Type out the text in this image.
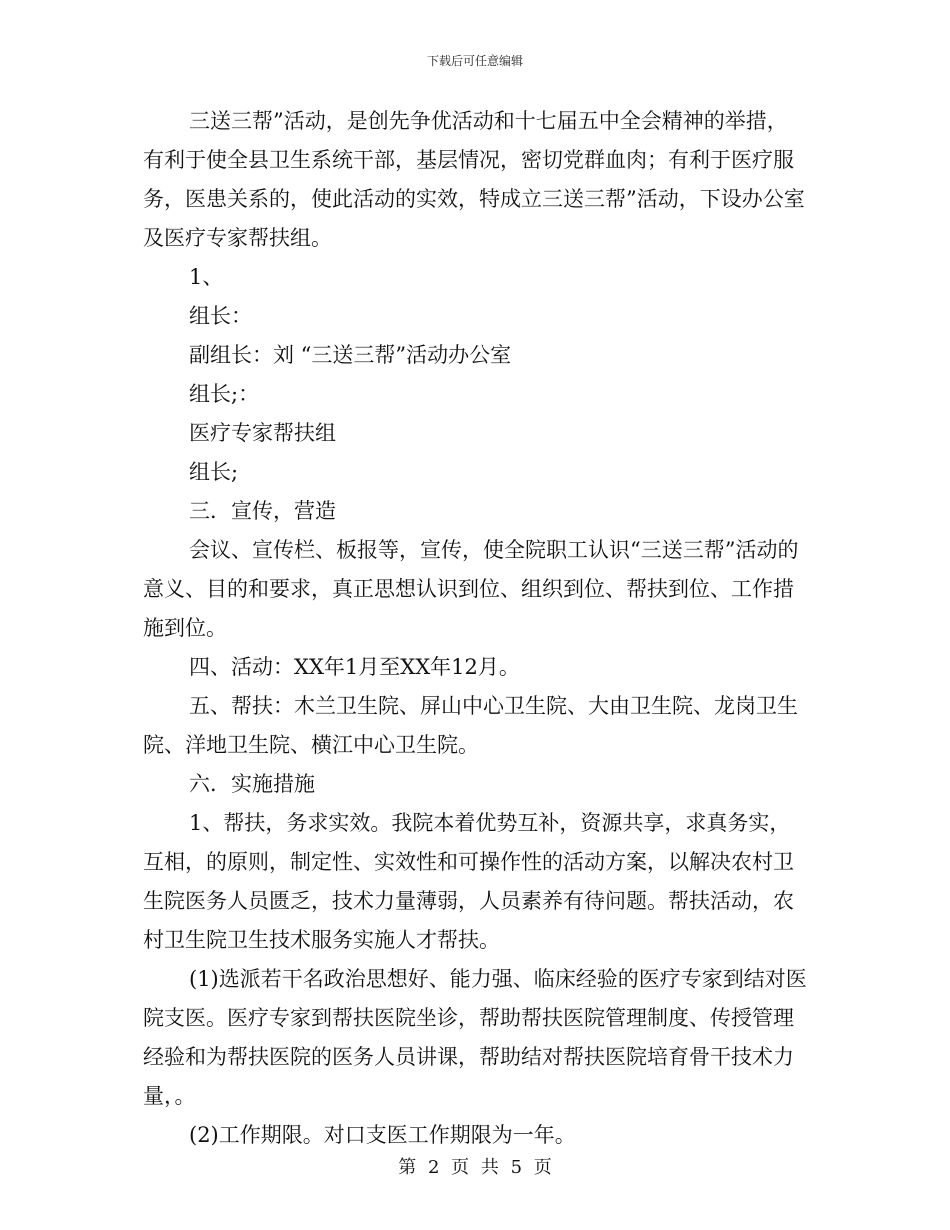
下载后可任意编辑

三送三帮”活动，是创先争优活动和十七届五中全会精神的举措，有利于使全县卫生系统干部，基层情况，密切党群血肉；有利于医疗服务，医患关系的，使此活动的实效，特成立三送三帮”活动，下设办公室及医疗专家帮扶组。

1、

组长：

副组长：刘 “三送三帮”活动办公室

组长;：

医疗专家帮扶组

组长;

三．宣传，营造

会议、宣传栏、板报等，宣传，使全院职工认识“三送三帮”活动的意义、目的和要求，真正思想认识到位、组织到位、帮扶到位、工作措施到位。

四、活动：XX年1月至XX年12月。

五、帮扶：木兰卫生院、屏山中心卫生院、大由卫生院、龙岗卫生院、洋地卫生院、横江中心卫生院。

六．实施措施

1、帮扶，务求实效。我院本着优势互补，资源共享，求真务实，互相，的原则，制定性、实效性和可操作性的活动方案，以解决农村卫生院医务人员匮乏，技术力量薄弱，人员素养有待问题。帮扶活动，农村卫生院卫生技术服务实施人才帮扶。

(1)选派若干名政治思想好、能力强、临床经验的医疗专家到结对医院支医。医疗专家到帮扶医院坐诊，帮助帮扶医院管理制度、传授管理经验和为帮扶医院的医务人员讲课，帮助结对帮扶医院培育骨干技术力量，。

(2)工作期限。对口支医工作期限为一年。

第 2 页 共 5 页
